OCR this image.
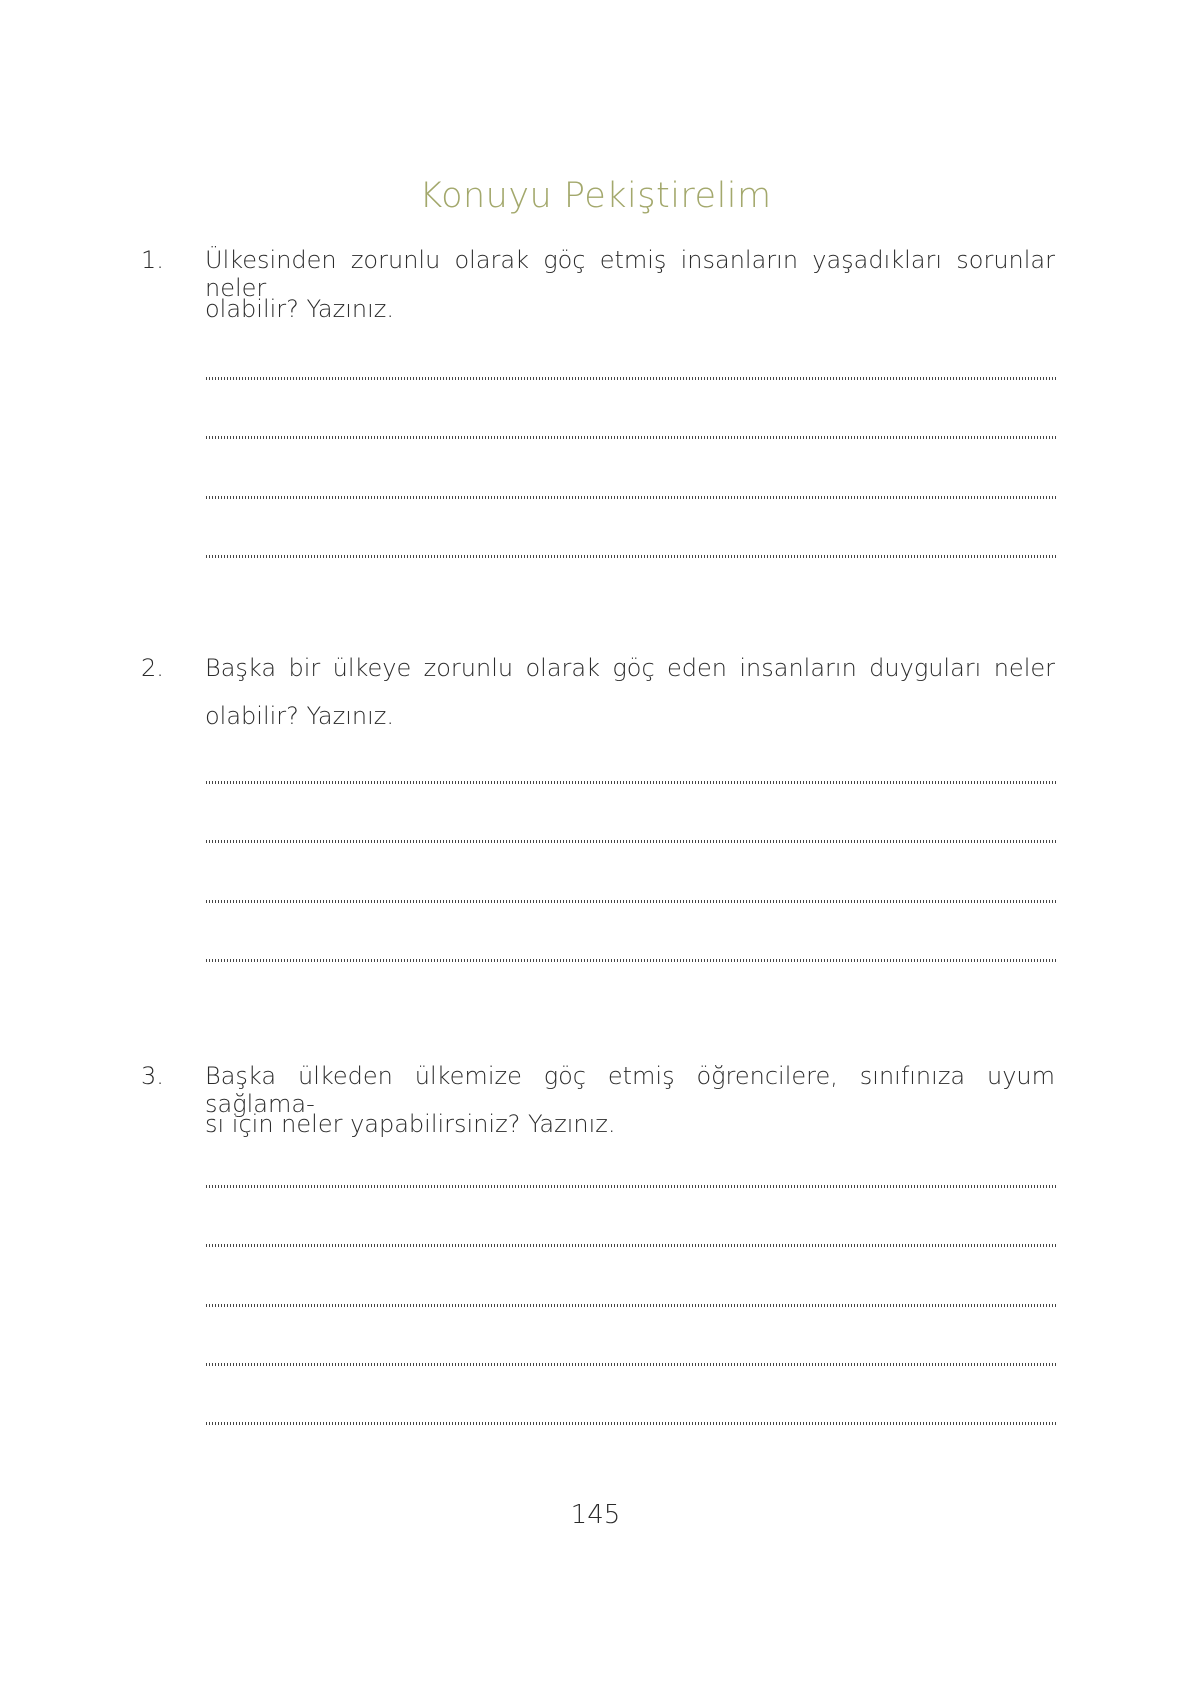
Konuyu Pekiştirelim
1. Ülkesinden zorunlu olarak göç etmiş insanların yaşadıkları sorunlar neler
olabilir? Yazınız.
2. Başka bir ülkeye zorunlu olarak göç eden insanların duyguları neler
olabilir? Yazınız.
3. Başka ülkeden ülkemize göç etmiş öğrencilere, sınıfınıza uyum sağlama-
sı için neler yapabilirsiniz? Yazınız.
145
